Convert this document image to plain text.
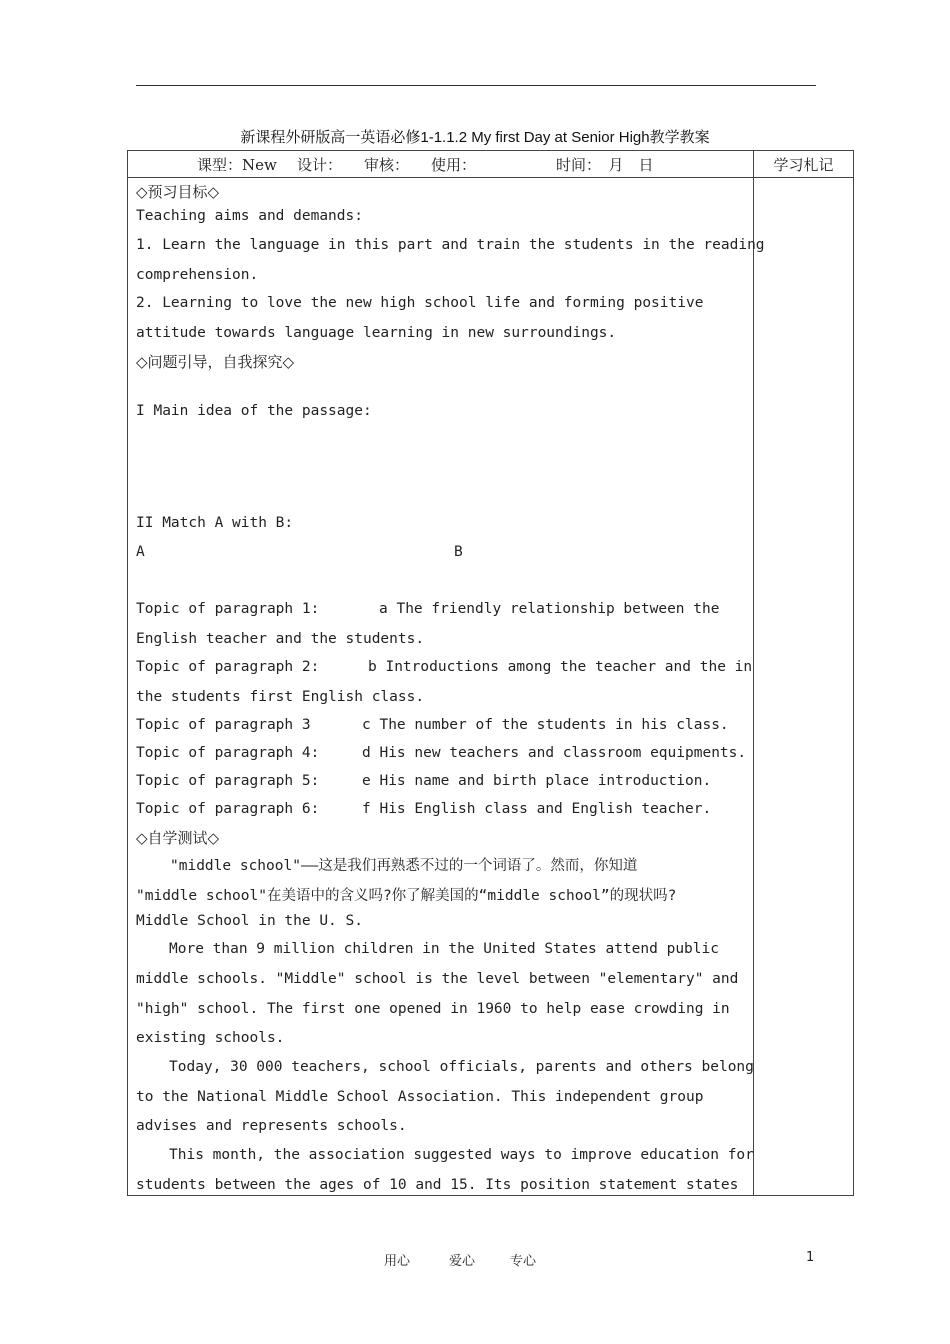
新课程外研版高一英语必修1-1.1.2 My first Day at Senior High教学教案
课型：New 设计： 审核： 使用：	时间：　月　日	学习札记
◇预习目标◇
Teaching aims and demands:
1. Learn the language in this part and train the students in the reading
comprehension.
2. Learning to love the new high school life and forming positive
attitude towards language learning in new surroundings.
◇问题引导，自我探究◇
I Main idea of the passage:
II Match A with B:
A	B
Topic of paragraph 1:	a The friendly relationship between the
English teacher and the students.
Topic of paragraph 2:	b Introductions among the teacher and the in
the students first English class.
Topic of paragraph 3	c The number of the students in his class.
Topic of paragraph 4:	d His new teachers and classroom equipments.
Topic of paragraph 5:	e His name and birth place introduction.
Topic of paragraph 6:	f His English class and English teacher.
◇自学测试◇
"middle school"——这是我们再熟悉不过的一个词语了。然而，你知道
"middle school"在美语中的含义吗?你了解美国的“middle school”的现状吗?
Middle School in the U. S.
More than 9 million children in the United States attend public
middle schools. "Middle" school is the level between "elementary" and
"high" school. The first one opened in 1960 to help ease crowding in
existing schools.
Today, 30 000 teachers, school officials, parents and others belong
to the National Middle School Association. This independent group
advises and represents schools.
This month, the association suggested ways to improve education for
students between the ages of 10 and 15. Its position statement states
用心	爱心	专心	1
